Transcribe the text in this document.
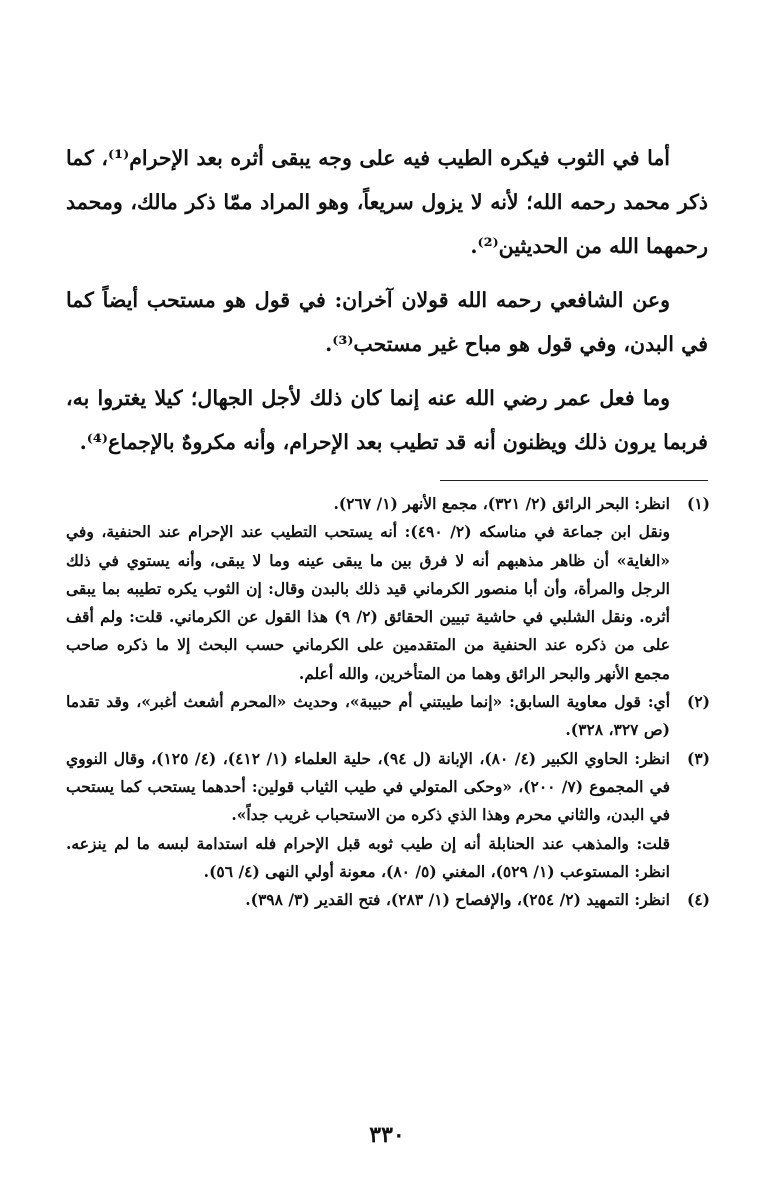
أما في الثوب فيكره الطيب فيه على وجه يبقى أثره بعد الإحرام⁽¹⁾، كما ذكر محمد رحمه الله؛ لأنه لا يزول سريعاً، وهو المراد ممّا ذكر مالك، ومحمد رحمهما الله من الحديثين⁽²⁾.

وعن الشافعي رحمه الله قولان آخران: في قول هو مستحب أيضاً كما في البدن، وفي قول هو مباح غير مستحب⁽³⁾.

وما فعل عمر رضي الله عنه إنما كان ذلك لأجل الجهال؛ كيلا يغتروا به، فربما يرون ذلك ويظنون أنه قد تطيب بعد الإحرام، وأنه مكروهٌ بالإجماع⁽⁴⁾.

(١)

انظر: البحر الرائق (٢/ ٣٢١)، مجمع الأنهر (١/ ٢٦٧).

ونقل ابن جماعة في مناسكه (٢/ ٤٩٠): أنه يستحب التطيب عند الإحرام عند الحنفية، وفي «الغاية» أن ظاهر مذهبهم أنه لا فرق بين ما يبقى عينه وما لا يبقى، وأنه يستوي في ذلك الرجل والمرأة، وأن أبا منصور الكرماني قيد ذلك بالبدن وقال: إن الثوب يكره تطيبه بما يبقى أثره. ونقل الشلبي في حاشية تبيين الحقائق (٢/ ٩) هذا القول عن الكرماني. قلت: ولم أقف على من ذكره عند الحنفية من المتقدمين على الكرماني حسب البحث إلا ما ذكره صاحب مجمع الأنهر والبحر الرائق وهما من المتأخرين، والله أعلم.

(٢)

أي: قول معاوية السابق: «إنما طيبتني أم حبيبة»، وحديث «المحرم أشعث أغبر»، وقد تقدما (ص ٣٢٧، ٣٢٨).

(٣)

انظر: الحاوي الكبير (٤/ ٨٠)، الإبانة (ل ٩٤)، حلية العلماء (١/ ٤١٢)، (٤/ ١٢٥)، وقال النووي في المجموع (٧/ ٢٠٠)، «وحكى المتولي في طيب الثياب قولين: أحدهما يستحب كما يستحب في البدن، والثاني محرم وهذا الذي ذكره من الاستحباب غريب جداً».

قلت: والمذهب عند الحنابلة أنه إن طيب ثوبه قبل الإحرام فله استدامة لبسه ما لم ينزعه. انظر: المستوعب (١/ ٥٢٩)، المغني (٥/ ٨٠)، معونة أولي النهى (٤/ ٥٦).

(٤)

انظر: التمهيد (٢/ ٢٥٤)، والإفصاح (١/ ٢٨٣)، فتح القدير (٣/ ٣٩٨).

٣٣٠
